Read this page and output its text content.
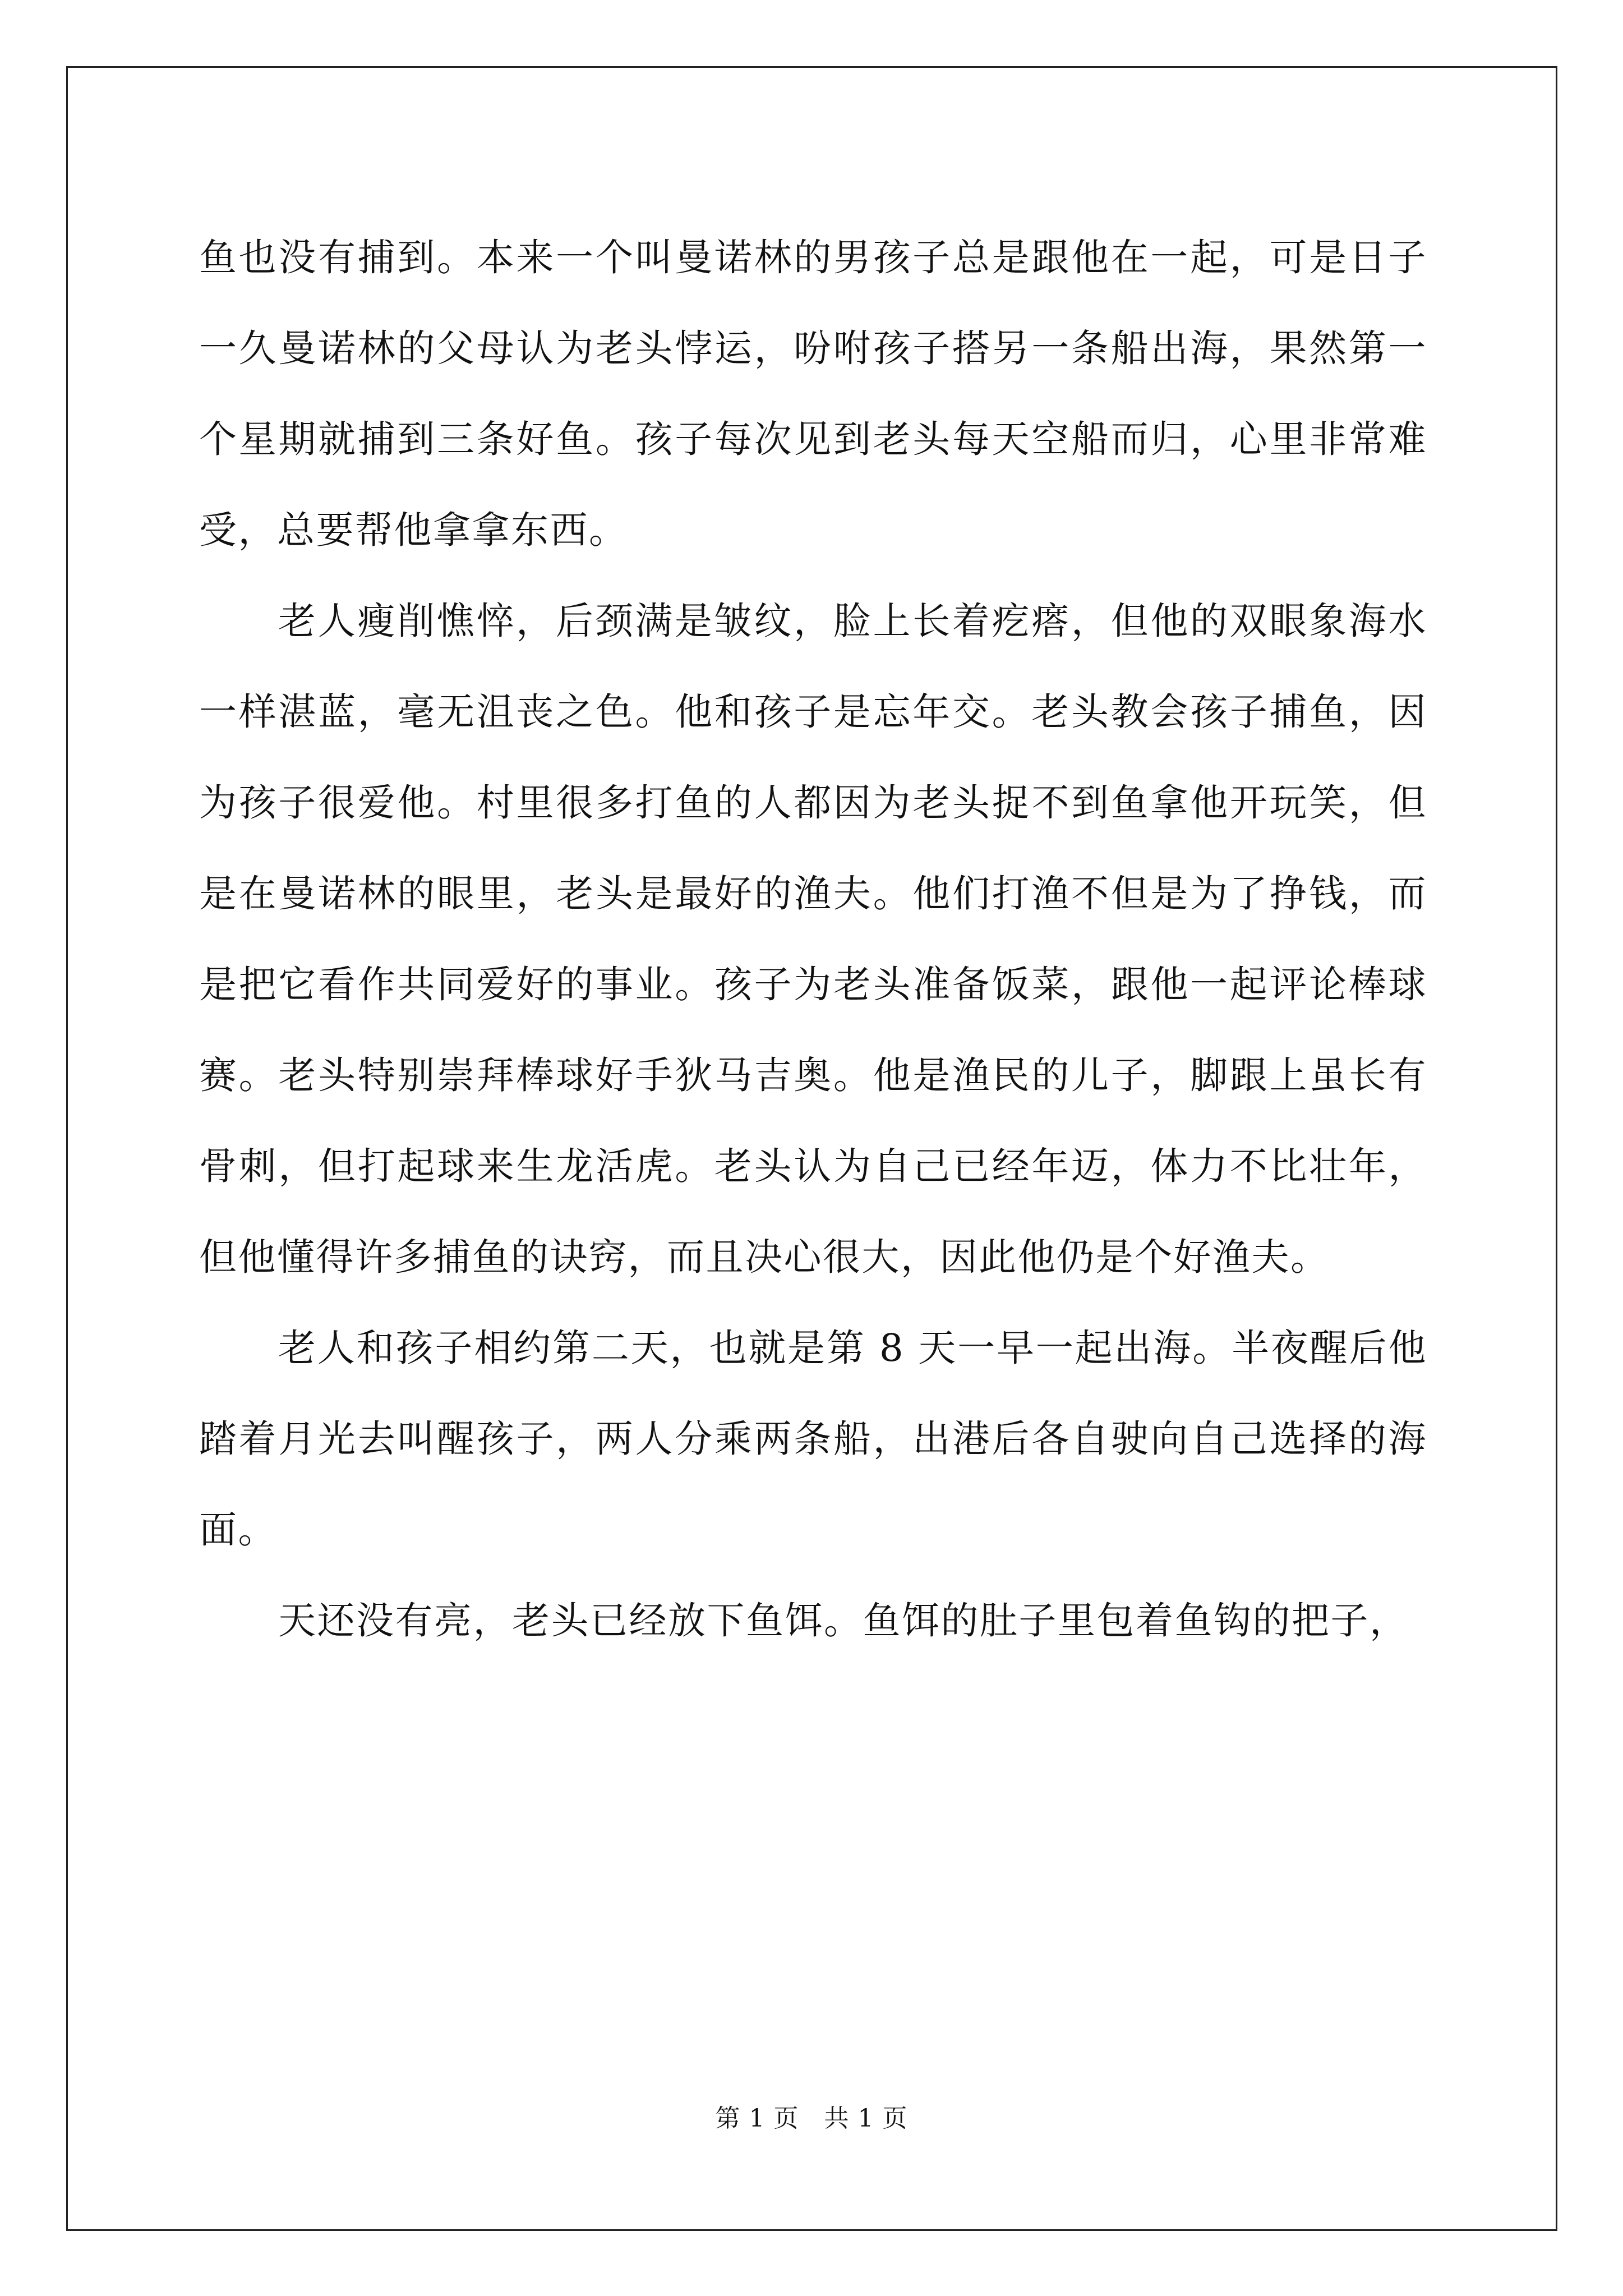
鱼也没有捕到。本来一个叫曼诺林的男孩子总是跟他在一起，可是日子一久曼诺林的父母认为老头悖运，吩咐孩子搭另一条船出海，果然第一个星期就捕到三条好鱼。孩子每次见到老头每天空船而归，心里非常难受，总要帮他拿拿东西。

老人瘦削憔悴，后颈满是皱纹，脸上长着疙瘩，但他的双眼象海水一样湛蓝，毫无沮丧之色。他和孩子是忘年交。老头教会孩子捕鱼，因为孩子很爱他。村里很多打鱼的人都因为老头捉不到鱼拿他开玩笑，但是在曼诺林的眼里，老头是最好的渔夫。他们打渔不但是为了挣钱，而是把它看作共同爱好的事业。孩子为老头准备饭菜，跟他一起评论棒球赛。老头特别崇拜棒球好手狄马吉奥。他是渔民的儿子，脚跟上虽长有骨刺，但打起球来生龙活虎。老头认为自己已经年迈，体力不比壮年，但他懂得许多捕鱼的诀窍，而且决心很大，因此他仍是个好渔夫。

老人和孩子相约第二天，也就是第 8 天一早一起出海。半夜醒后他踏着月光去叫醒孩子，两人分乘两条船，出港后各自驶向自己选择的海面。

天还没有亮，老头已经放下鱼饵。鱼饵的肚子里包着鱼钩的把子，

第 1 页　共 1 页
